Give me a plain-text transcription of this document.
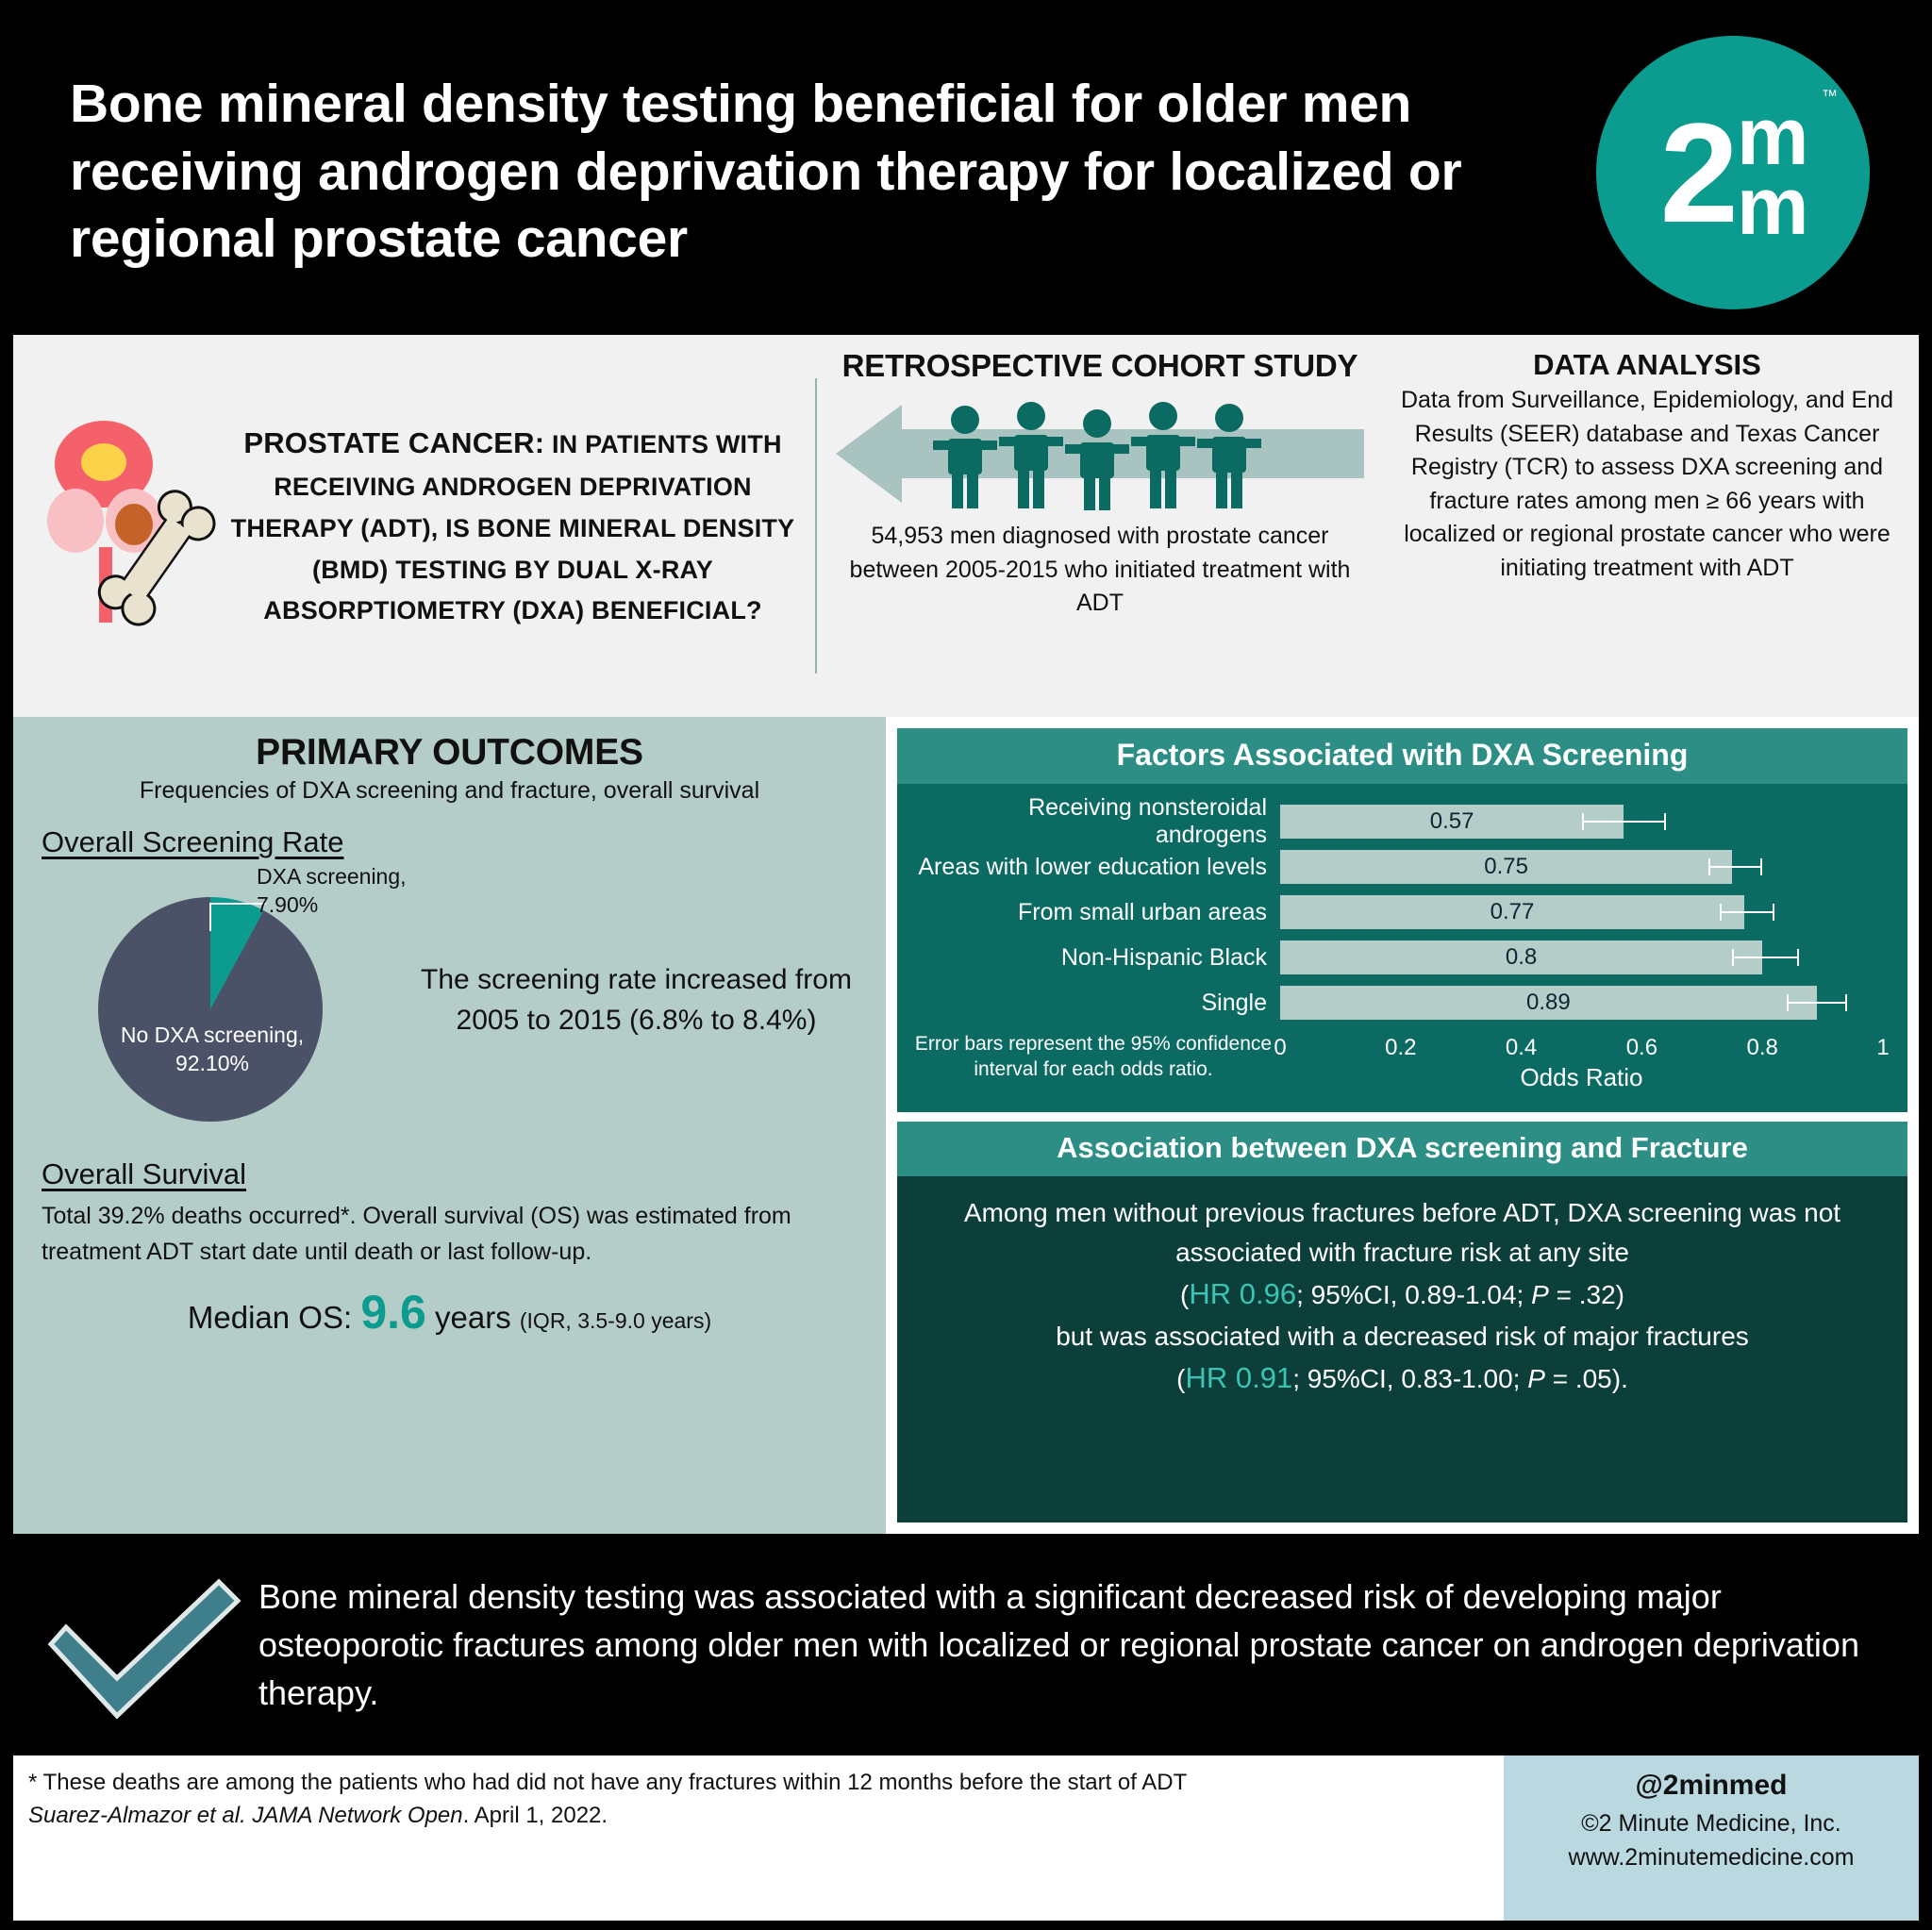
Bone mineral density testing beneficial for older men receiving androgen deprivation therapy for localized or regional prostate cancer	2 m
m
™
PROSTATE CANCER: IN PATIENTS WITH RECEIVING ANDROGEN DEPRIVATION THERAPY (ADT), IS BONE MINERAL DENSITY (BMD) TESTING BY DUAL X-RAY ABSORPTIOMETRY (DXA) BENEFICIAL?
RETROSPECTIVE COHORT STUDY

54,953 men diagnosed with prostate cancer between 2005-2015 who initiated treatment with ADT

DATA ANALYSIS

Data from Surveillance, Epidemiology, and End Results (SEER) database and Texas Cancer Registry (TCR) to assess DXA screening and fracture rates among men ≥ 66 years with localized or regional prostate cancer who were initiating treatment with ADT

PRIMARY OUTCOMES
Frequencies of DXA screening and fracture, overall survival
Overall Screening Rate
DXA screening, 7.90%
No DXA screening, 92.10%
The screening rate increased from 2005 to 2015 (6.8% to 8.4%)
Overall Survival
Total 39.2% deaths occurred*. Overall survival (OS) was estimated from treatment ADT start date until death or last follow-up.
Median OS: 9.6 years (IQR, 3.5-9.0 years)
Factors Associated with DXA Screening
Receiving nonsteroidal androgens
0.57
Areas with lower education levels	0.75
From small urban areas	0.77
Non-Hispanic Black	0.8
Single	0.89
Error bars represent the 95% confidence interval for each odds ratio.
0	0.2	0.4	0.6	0.8	1
Odds Ratio
Association between DXA screening and Fracture
Among men without previous fractures before ADT, DXA screening was not associated with fracture risk at any site
(HR 0.96; 95%CI, 0.89-1.04; P = .32)
but was associated with a decreased risk of major fractures
(HR 0.91; 95%CI, 0.83-1.00; P = .05).

Bone mineral density testing was associated with a significant decreased risk of developing major osteoporotic fractures among older men with localized or regional prostate cancer on androgen deprivation therapy.

* These deaths are among the patients who had did not have any fractures within 12 months before the start of ADT
Suarez-Almazor et al. JAMA Network Open. April 1, 2022.
@2minmed
©2 Minute Medicine, Inc.
www.2minutemedicine.com
